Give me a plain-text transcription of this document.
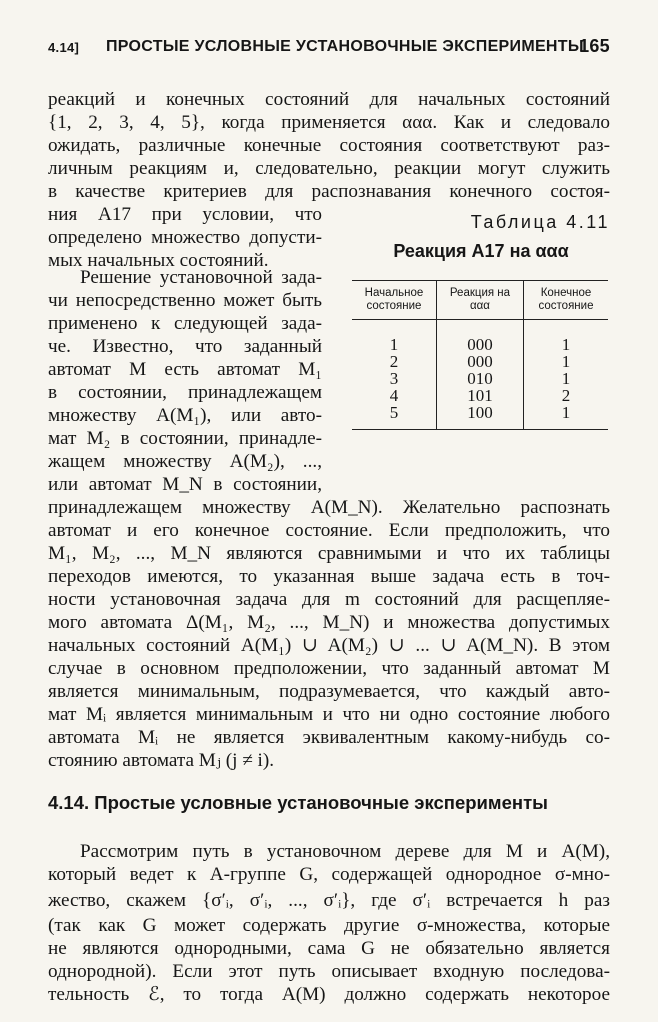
4.14] ПРОСТЫЕ УСЛОВНЫЕ УСТАНОВОЧНЫЕ ЭКСПЕРИМЕНТЫ
165
реакций и конечных состояний для начальных состояний
{1, 2, 3, 4, 5}, когда применяется ααα. Как и следовало
ожидать, различные конечные состояния соответствуют раз-
личным реакциям и, следовательно, реакции могут служить
в качестве критериев для распознавания конечного состоя-
ния A17 при условии, что
определено множество допусти-
мых начальных состояний.
Таблица 4.11
Реакция A17 на ααα
Начальное состояние	Реакция на ααα	Конечное состояние
1	000	1
2	000	1
3	010	1
4	101	2
5	100	1
Решение установочной зада-
чи непосредственно может быть
применено к следующей зада-
че. Известно, что заданный
автомат M есть автомат M₁
в состоянии, принадлежащем
множеству A(M₁), или авто-
мат M₂ в состоянии, принадле-
жащем множеству A(M₂), ...,
или автомат M_N в состоянии,
принадлежащем множеству A(M_N). Желательно распознать
автомат и его конечное состояние. Если предположить, что
M₁, M₂, ..., M_N являются сравнимыми и что их таблицы
переходов имеются, то указанная выше задача есть в точ-
ности установочная задача для m состояний для расщепляе-
мого автомата Δ(M₁, M₂, ..., M_N) и множества допустимых
начальных состояний A(M₁) ∪ A(M₂) ∪ ... ∪ A(M_N). В этом
случае в основном предположении, что заданный автомат M
является минимальным, подразумевается, что каждый авто-
мат Mᵢ является минимальным и что ни одно состояние любого
автомата Mᵢ не является эквивалентным какому-нибудь со-
стоянию автомата Mⱼ (j ≠ i).
4.14. Простые условные установочные эксперименты
Рассмотрим путь в установочном дереве для M и A(M),
который ведет к A-группе G, содержащей однородное σ-мно-
жество, скажем {σ′ᵢ, σ′ᵢ, ..., σ′ᵢ}, где σ′ᵢ встречается h раз
(так как G может содержать другие σ-множества, которые
не являются однородными, сама G не обязательно является
однородной). Если этот путь описывает входную последова-
тельность ℰ, то тогда A(M) должно содержать некоторое
